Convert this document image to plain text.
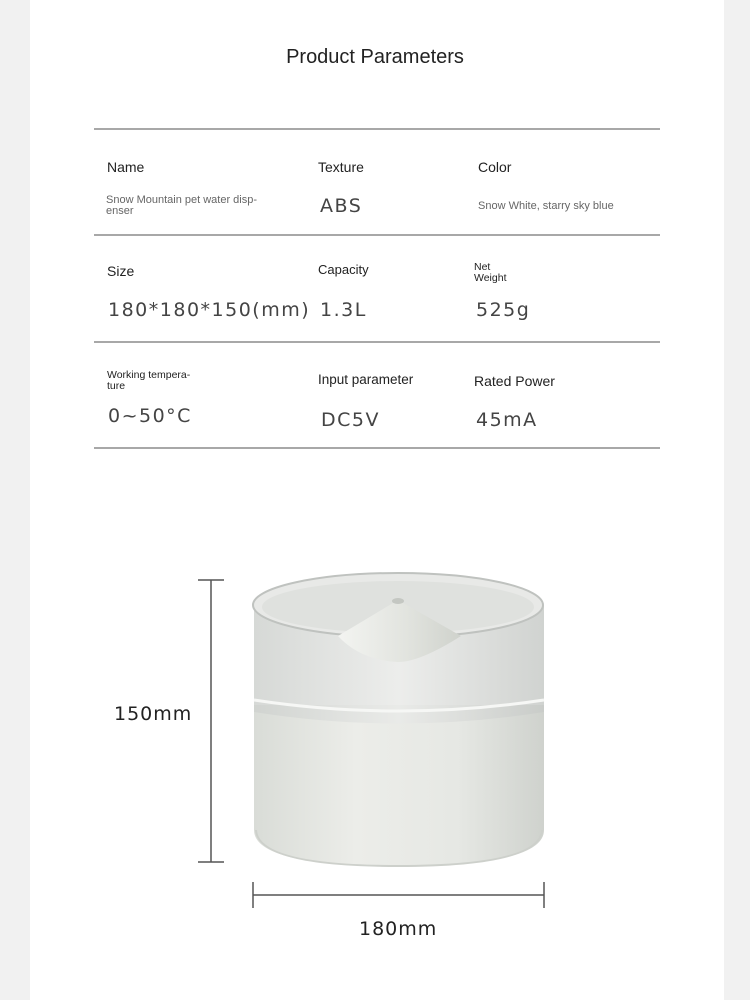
Product Parameters
Name
Snow Mountain pet water disp-enser
Texture
ABS
Color
Snow White, starry sky blue
Size
180*180*150(mm)
Capacity
1.3L
Net Weight
525g
Working tempera-ture
0~50°C
Input parameter
DC5V
Rated Power
45mA
150mm
180mm
